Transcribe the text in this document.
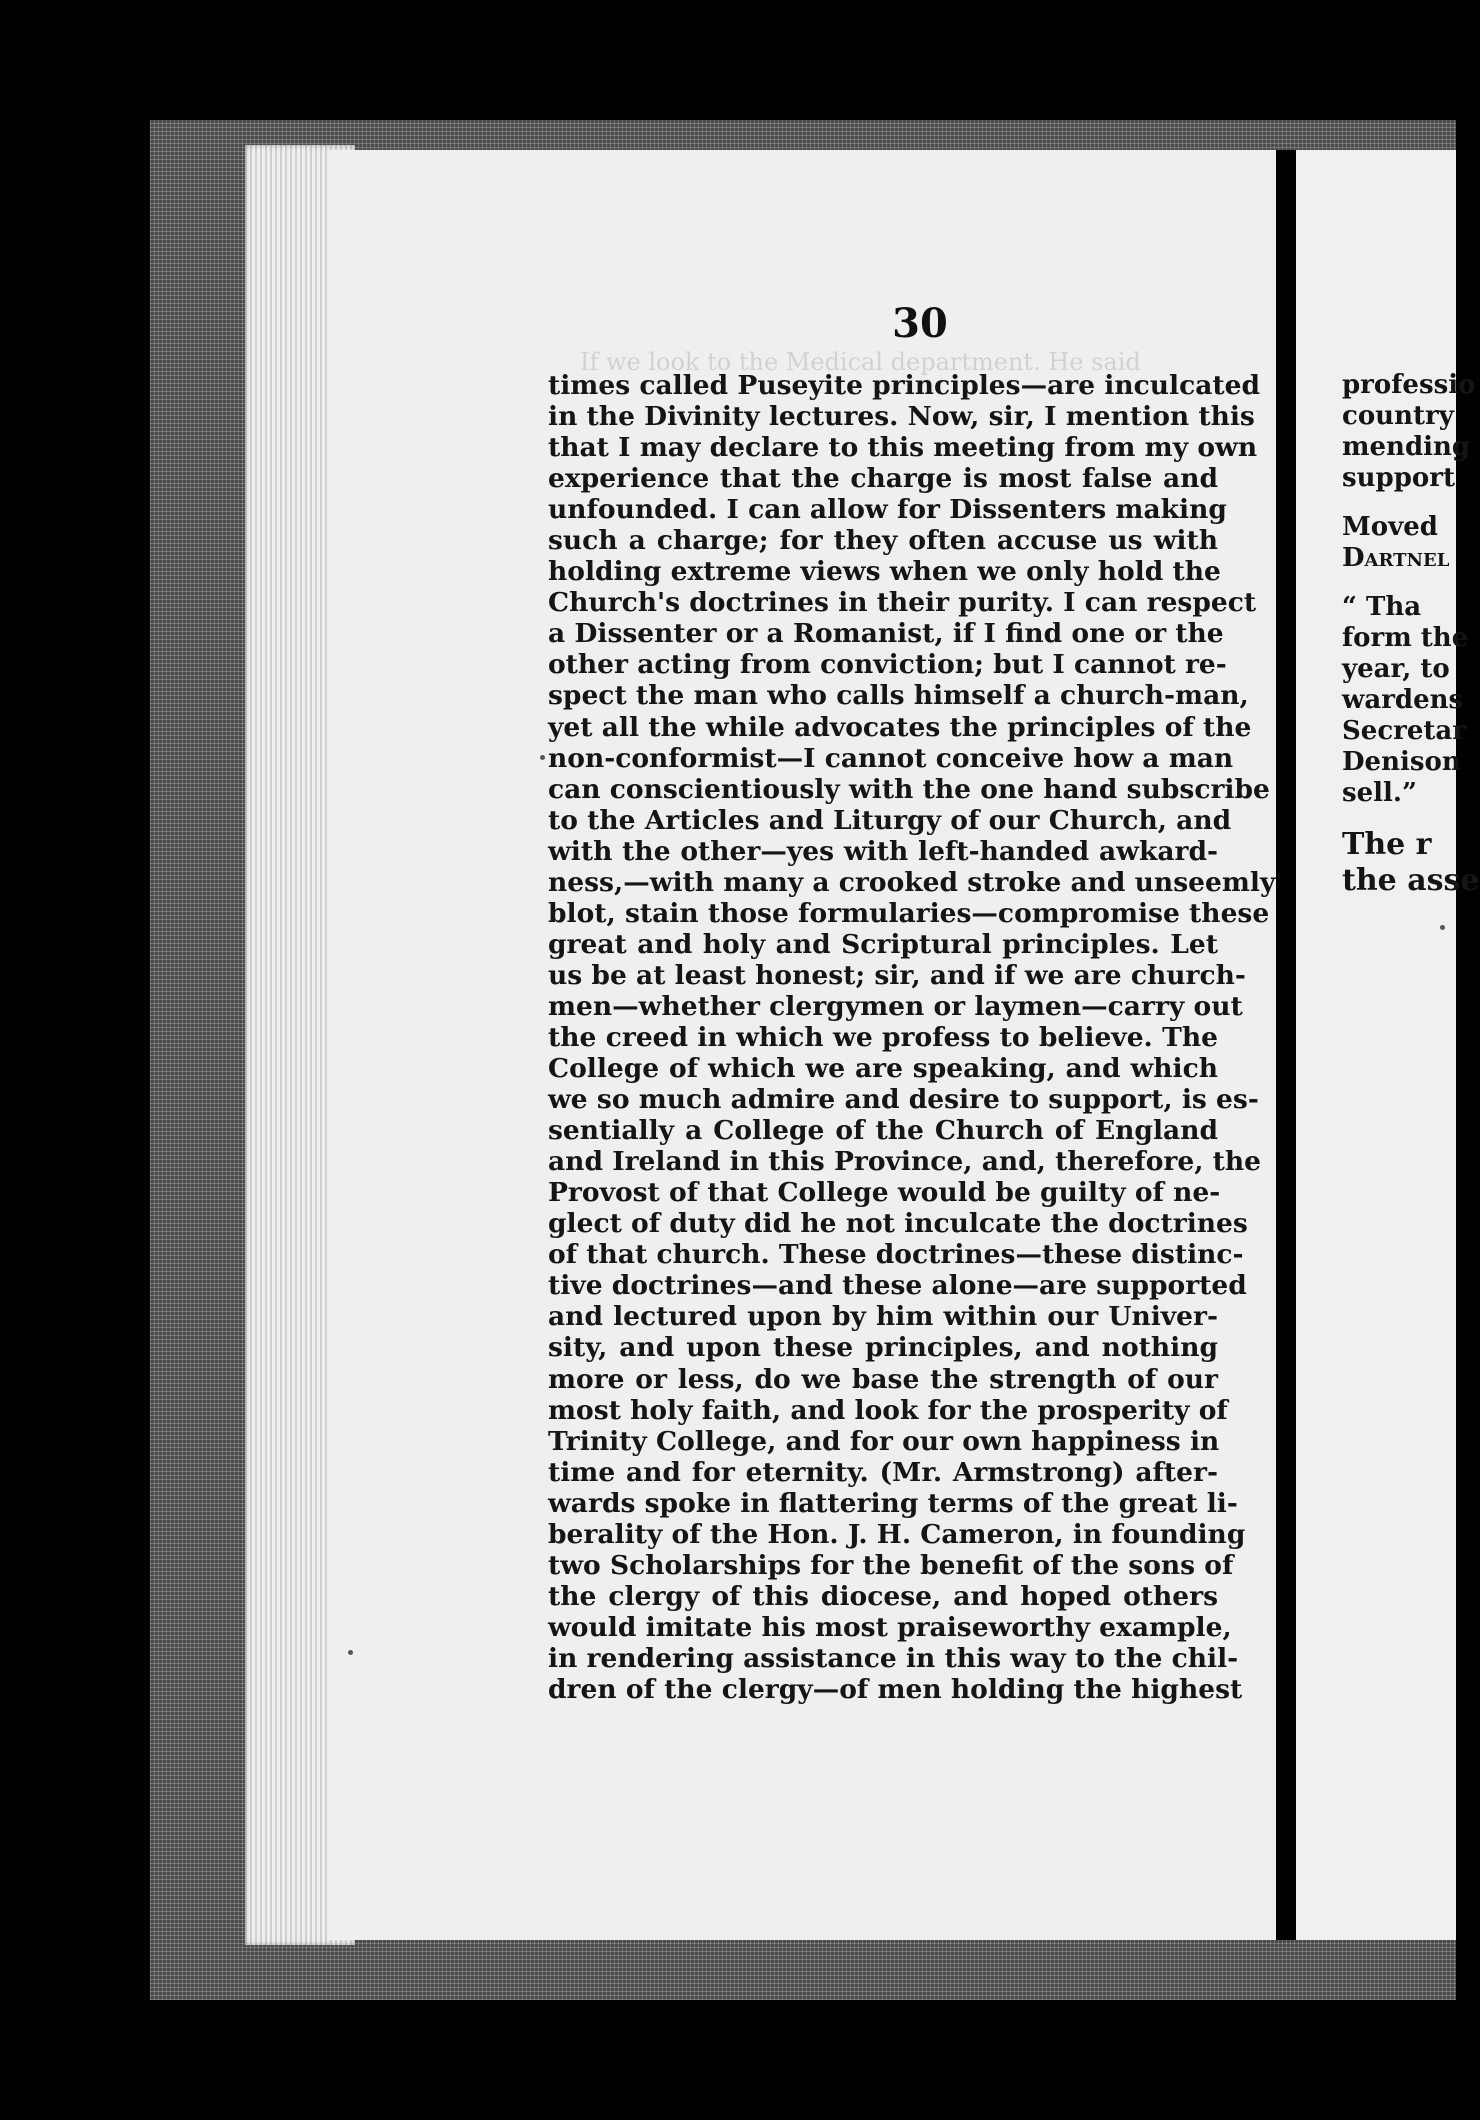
30
If we look to the Medical department. He said
times called Puseyite principles—are inculcated
in the Divinity lectures. Now, sir, I mention this
that I may declare to this meeting from my own
experience that the charge is most false and
unfounded. I can allow for Dissenters making
such a charge; for they often accuse us with
holding extreme views when we only hold the
Church's doctrines in their purity. I can respect
a Dissenter or a Romanist, if I find one or the
other acting from conviction; but I cannot re-
spect the man who calls himself a church-man,
yet all the while advocates the principles of the
non-conformist—I cannot conceive how a man
can conscientiously with the one hand subscribe
to the Articles and Liturgy of our Church, and
with the other—yes with left-handed awkard-
ness,—with many a crooked stroke and unseemly
blot, stain those formularies—compromise these
great and holy and Scriptural principles. Let
us be at least honest; sir, and if we are church-
men—whether clergymen or laymen—carry out
the creed in which we profess to believe. The
College of which we are speaking, and which
we so much admire and desire to support, is es-
sentially a College of the Church of England
and Ireland in this Province, and, therefore, the
Provost of that College would be guilty of ne-
glect of duty did he not inculcate the doctrines
of that church. These doctrines—these distinc-
tive doctrines—and these alone—are supported
and lectured upon by him within our Univer-
sity, and upon these principles, and nothing
more or less, do we base the strength of our
most holy faith, and look for the prosperity of
Trinity College, and for our own happiness in
time and for eternity. (Mr. Armstrong) after-
wards spoke in flattering terms of the great li-
berality of the Hon. J. H. Cameron, in founding
two Scholarships for the benefit of the sons of
the clergy of this diocese, and hoped others
would imitate his most praiseworthy example,
in rendering assistance in this way to the chil-
dren of the clergy—of men holding the highest
professio
country
mending
support
Moved
Dartnel
“ Tha
form the
year, to
wardens
Secretar
Denison
sell.”
The r
the asse
